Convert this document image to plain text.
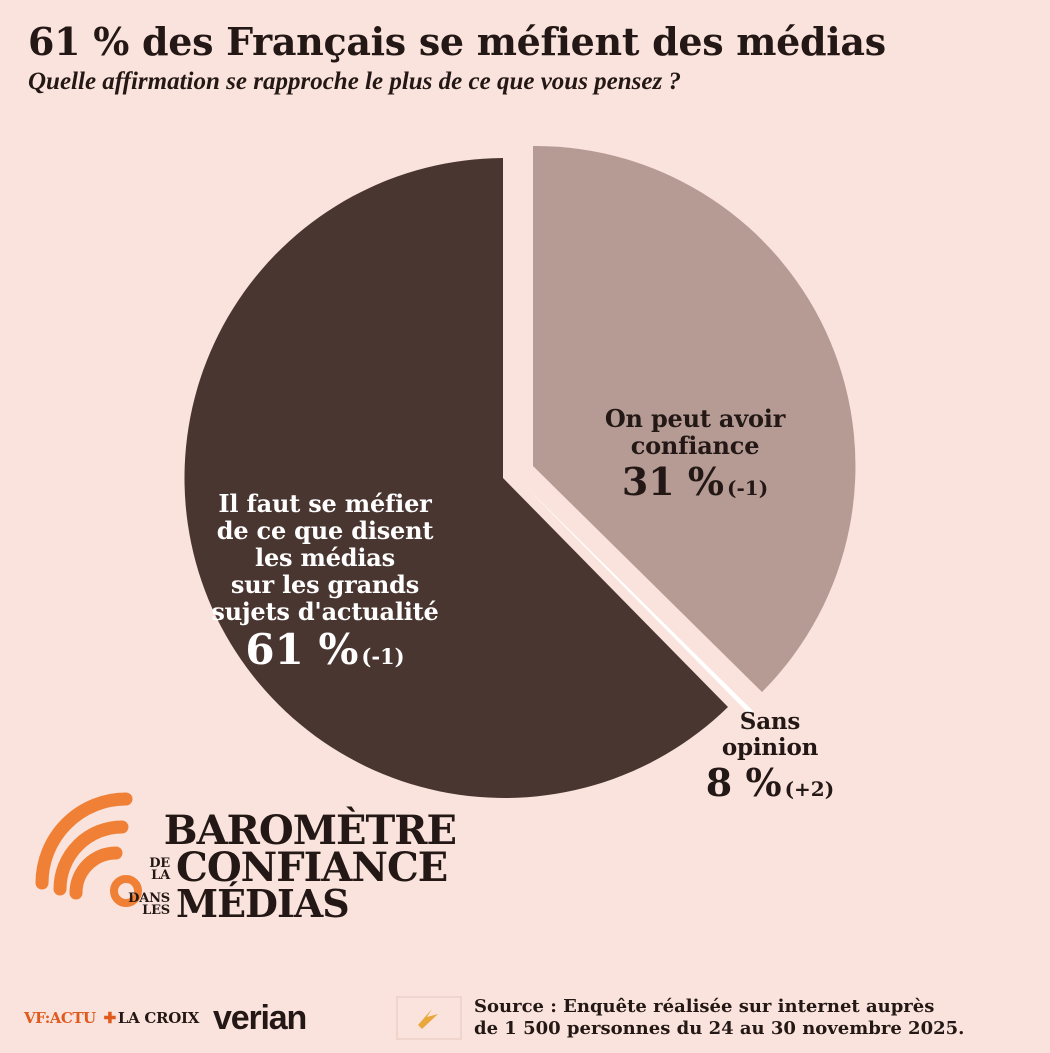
61 % des Français se méfient des médias

Quelle affirmation se rapproche le plus de ce que vous pensez ?

Il faut se méfier
de ce que disent
les médias
sur les grands
sujets d'actualité
61 % (-1)
On peut avoir
confiance
31 % (-1)
Sans
opinion
8 % (+2)
BAROMÈTRE
DE
LA CONFIANCE
DANS
LES MÉDIAS
VF:ACTU ✚ LA CROIX verian	Source : Enquête réalisée sur internet auprès
de 1 500 personnes du 24 au 30 novembre 2025.
